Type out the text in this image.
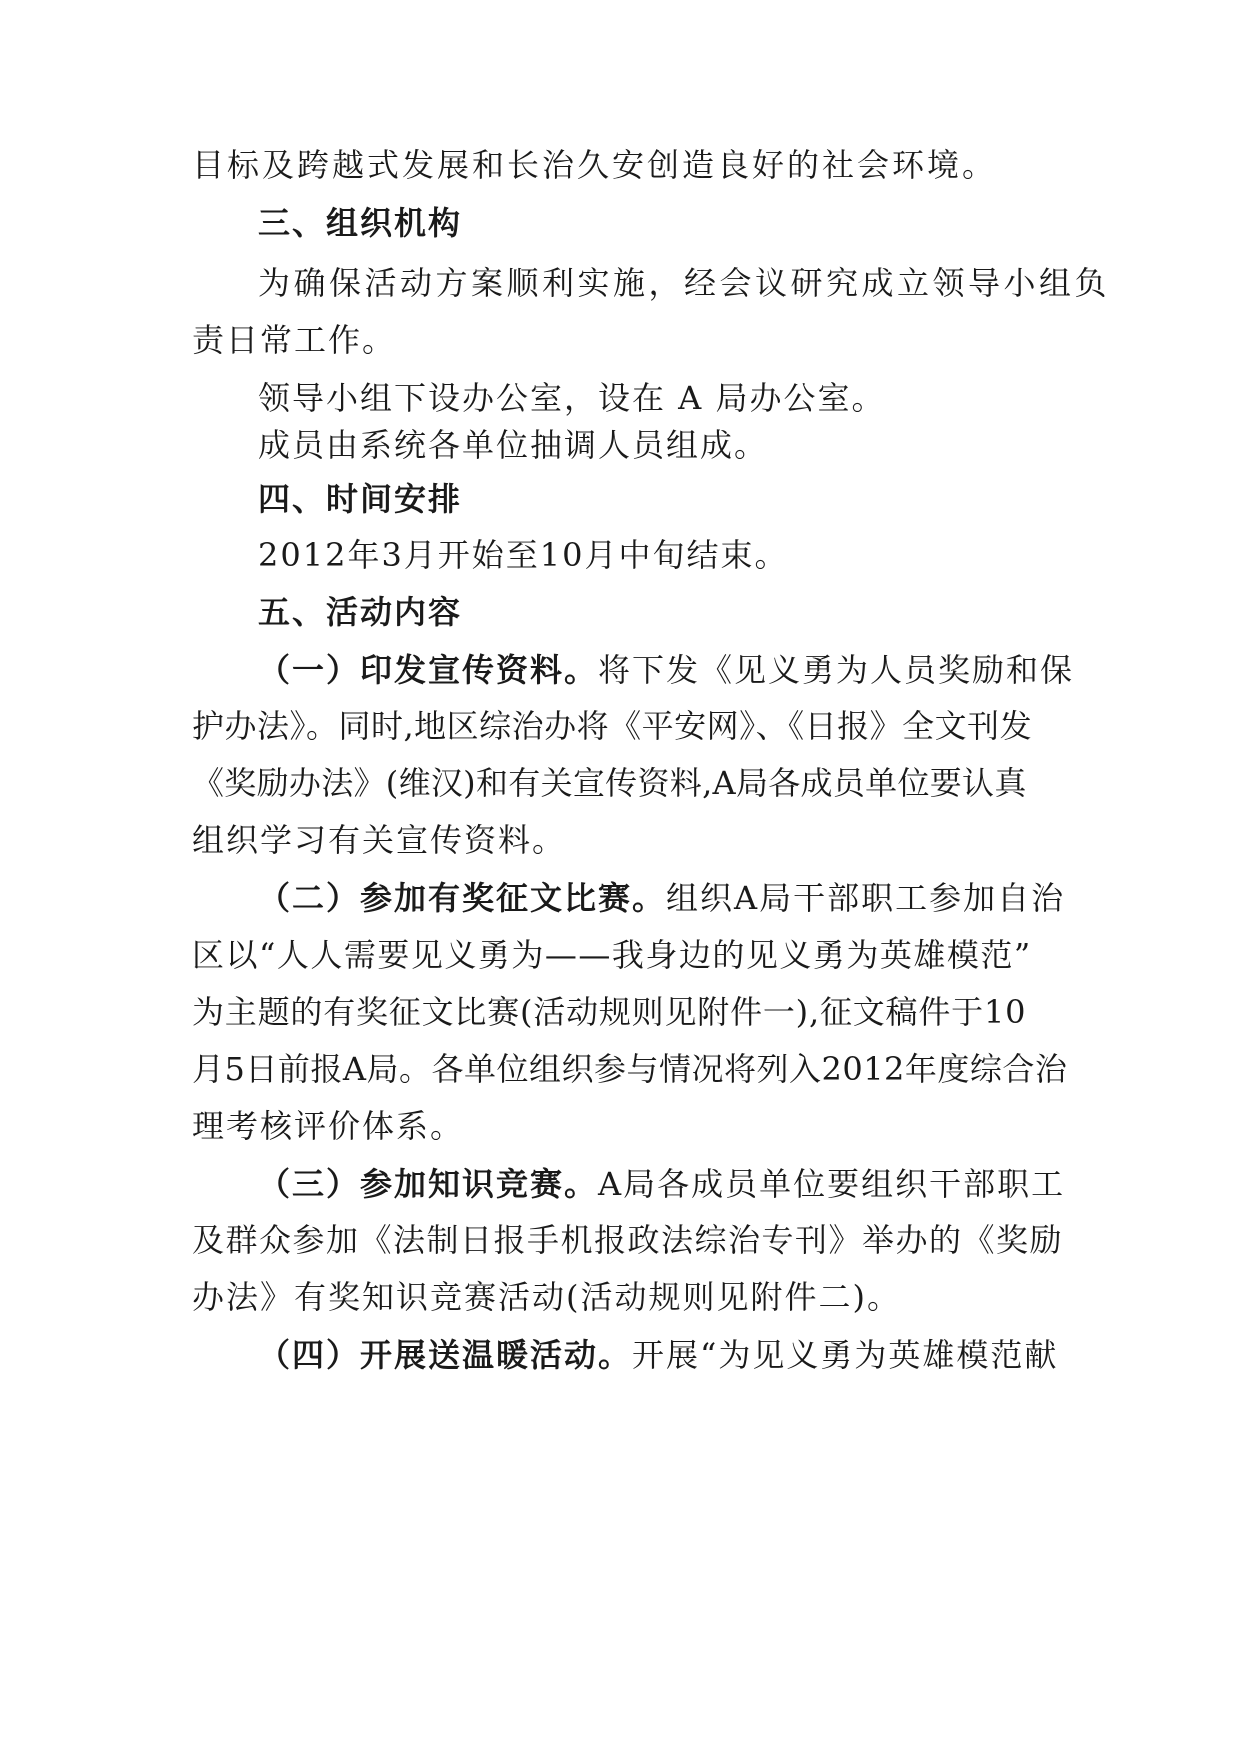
目标及跨越式发展和长治久安创造良好的社会环境。
三、组织机构
为确保活动方案顺利实施，经会议研究成立领导小组负
责日常工作。
领导小组下设办公室，设在 A 局办公室。
成员由系统各单位抽调人员组成。
四、时间安排
2012年3月开始至10月中旬结束。
五、活动内容
（一）印发宣传资料。将下发《见义勇为人员奖励和保
护办法》。同时,地区综治办将《平安网》、《日报》全文刊发
《奖励办法》(维汉)和有关宣传资料,A局各成员单位要认真
组织学习有关宣传资料。
（二）参加有奖征文比赛。组织A局干部职工参加自治
区以“人人需要见义勇为——我身边的见义勇为英雄模范”
为主题的有奖征文比赛(活动规则见附件一),征文稿件于10
月5日前报A局。各单位组织参与情况将列入2012年度综合治
理考核评价体系。
（三）参加知识竞赛。A局各成员单位要组织干部职工
及群众参加《法制日报手机报政法综治专刊》举办的《奖励
办法》有奖知识竞赛活动(活动规则见附件二)。
（四）开展送温暖活动。开展“为见义勇为英雄模范献
